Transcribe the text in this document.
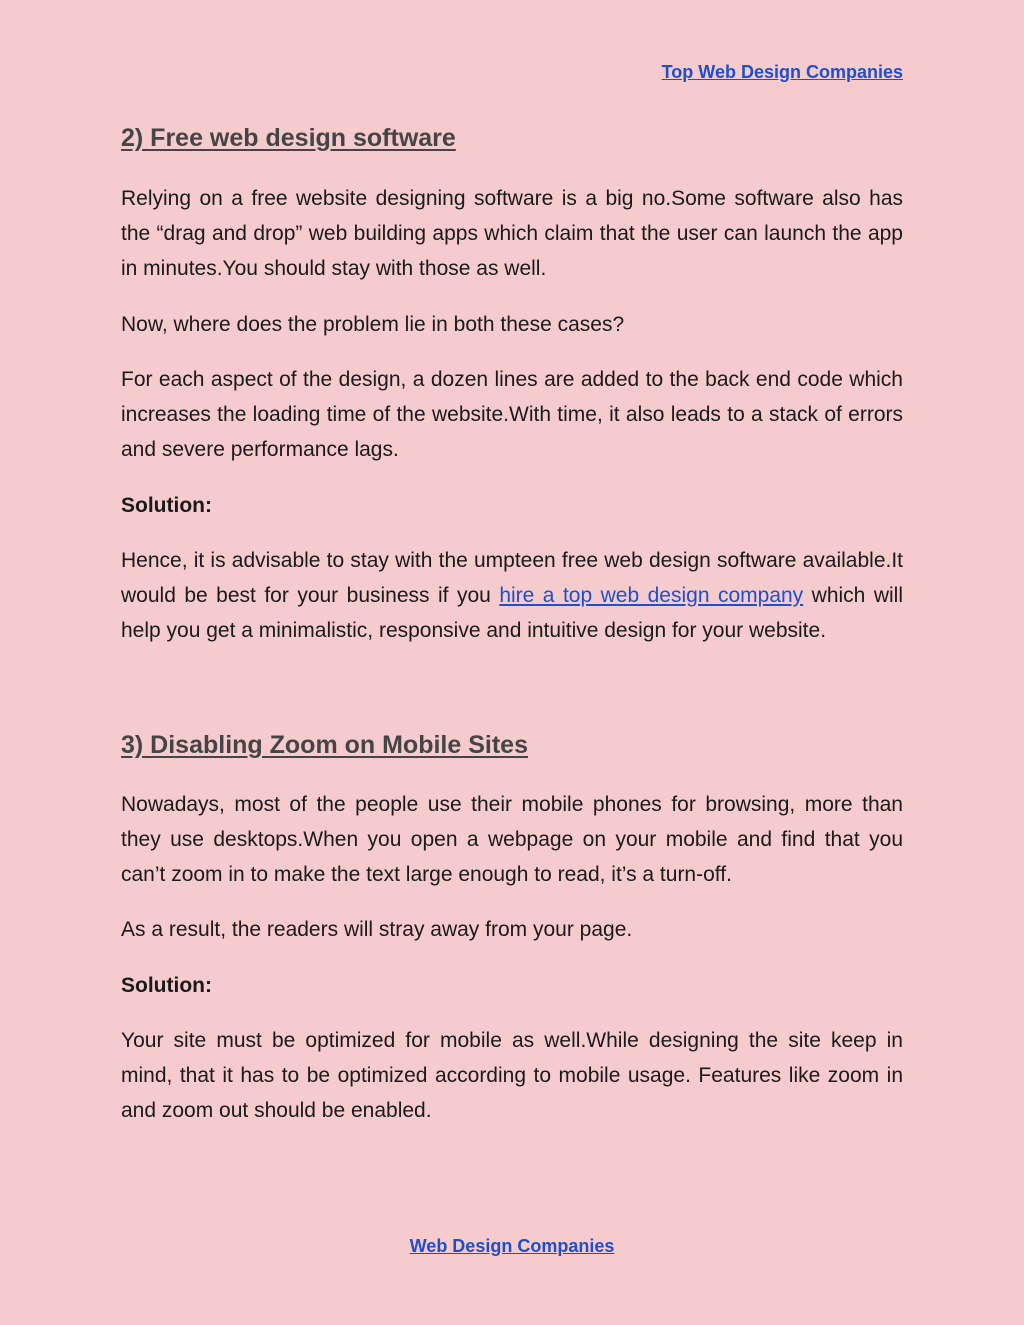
Top Web Design Companies
2) Free web design software

Relying on a free website designing software is a big no.Some software also has the “drag and drop” web building apps which claim that the user can launch the app in minutes.You should stay with those as well.

Now, where does the problem lie in both these cases?

For each aspect of the design, a dozen lines are added to the back end code which increases the loading time of the website.With time, it also leads to a stack of errors and severe performance lags.

Solution:

Hence, it is advisable to stay with the umpteen free web design software available.It would be best for your business if you hire a top web design company which will help you get a minimalistic, responsive and intuitive design for your website.

3) Disabling Zoom on Mobile Sites

Nowadays, most of the people use their mobile phones for browsing, more than they use desktops.When you open a webpage on your mobile and find that you can’t zoom in to make the text large enough to read, it’s a turn-off.

As a result, the readers will stray away from your page.

Solution:

Your site must be optimized for mobile as well.While designing the site keep in mind, that it has to be optimized according to mobile usage. Features like zoom in and zoom out should be enabled.

Web Design Companies
